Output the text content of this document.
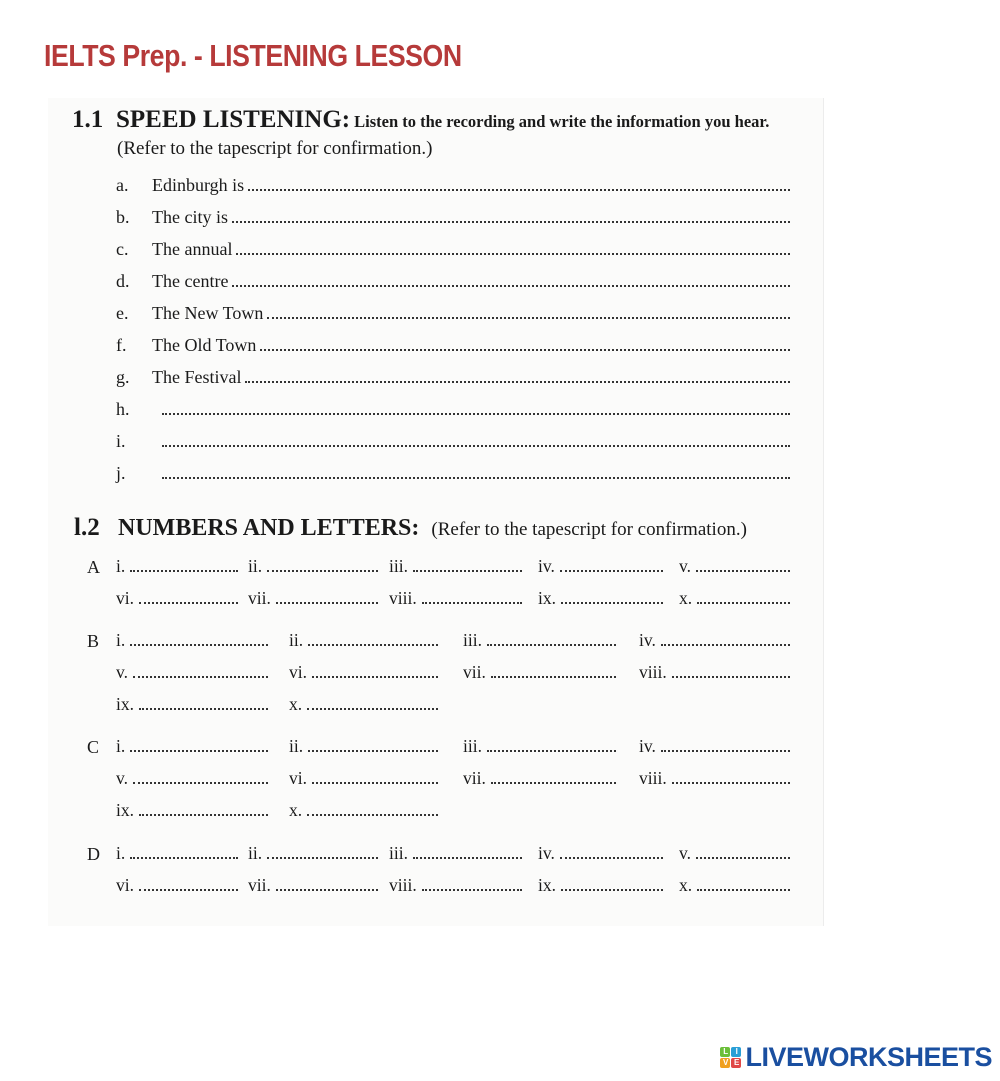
IELTS Prep. - LISTENING LESSON
1.1 SPEED LISTENING: Listen to the recording and write the information you hear.
(Refer to the tapescript for confirmation.)
a.	Edinburgh is
b.	The city is
c.	The annual
d.	The centre
e.	The New Town
f.	The Old Town
g.	The Festival
h.
i.
j.
l.2 NUMBERS AND LETTERS: (Refer to the tapescript for confirmation.)
A i.	ii.	iii.	iv.	v.
vi.	vii.	viii.	ix.	x.
B i.	ii.	iii.	iv.
v.	vi.	vii.	viii.
ix.	x.
C i.	ii.	iii.	iv.
v.	vi.	vii.	viii.
ix.	x.
D i.	ii.	iii.	iv.	v.
vi.	vii.	viii.	ix.	x.
L I
V E LIVEWORKSHEETS
